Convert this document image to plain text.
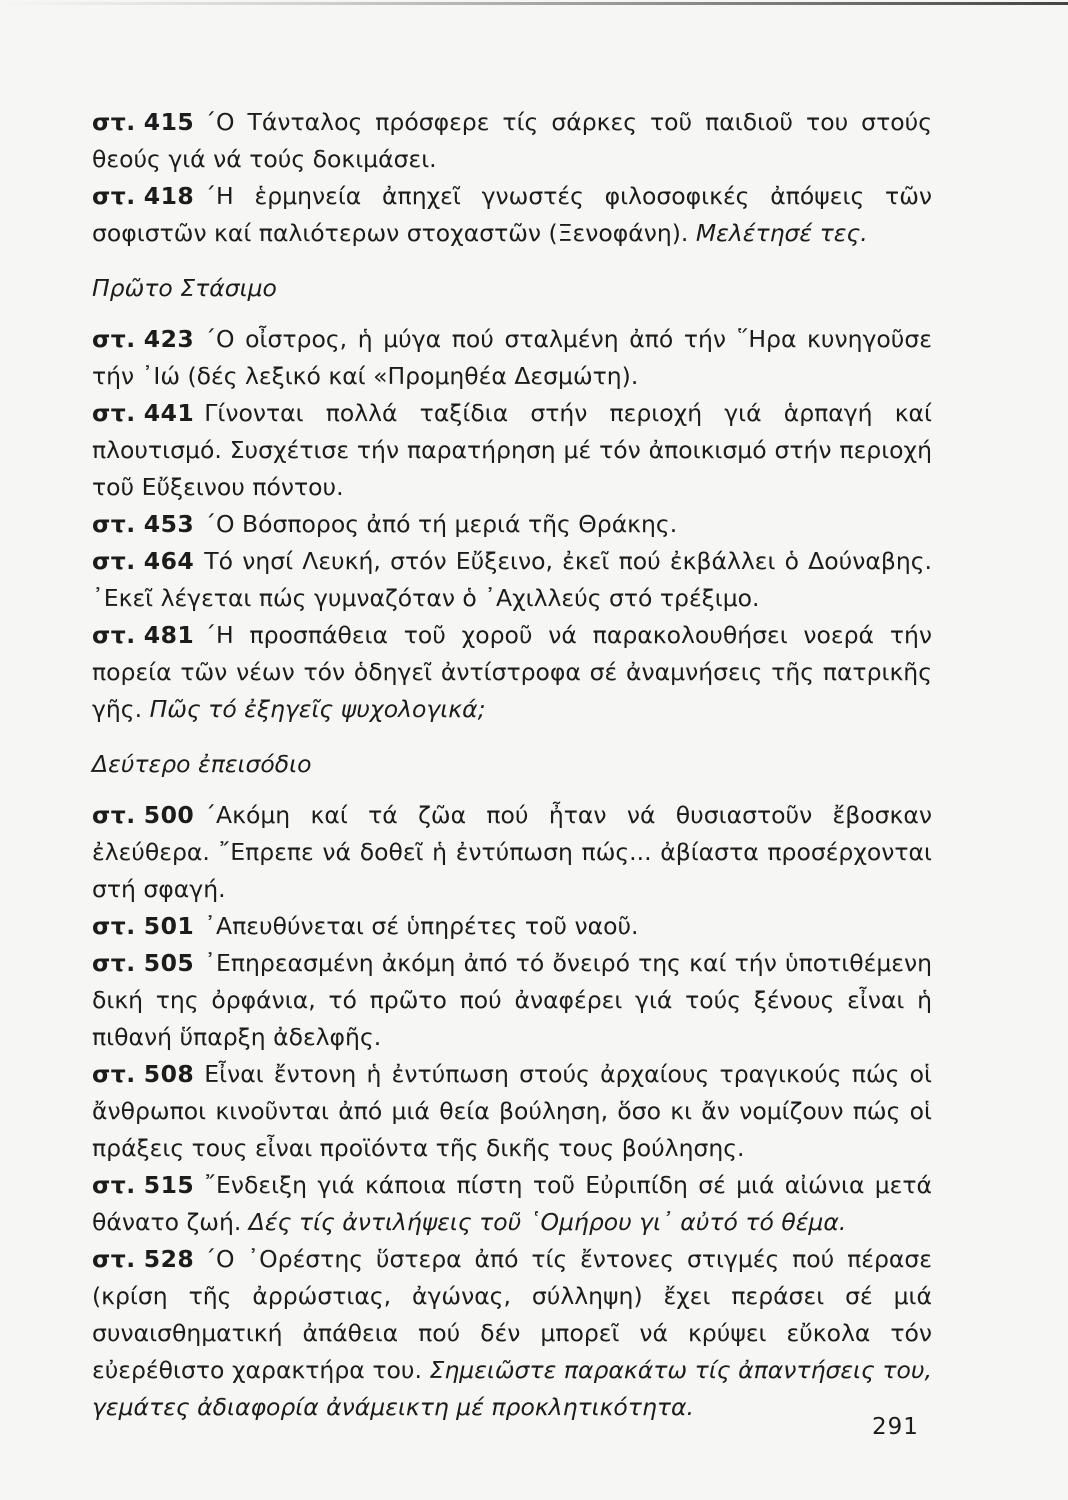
στ. 415 ΄Ο Τάνταλος πρόσφερε τίς σάρκες τοῦ παιδιοῦ του στούς θεούς γιά νά τούς δοκιμάσει.

στ. 418 ΄Η ἑρμηνεία ἀπηχεῖ γνωστές φιλοσοφικές ἀπόψεις τῶν σοφιστῶν καί παλιότερων στοχαστῶν (Ξενοφάνη). Μελέτησέ τες.

Πρῶτο Στάσιμο

στ. 423 ΄Ο οἶστρος, ἡ μύγα πού σταλμένη ἀπό τήν ῞Ηρα κυνηγοῦσε τήν ᾽Ιώ (δές λεξικό καί «Προμηθέα Δεσμώτη).

στ. 441 Γίνονται πολλά ταξίδια στήν περιοχή γιά ἁρπαγή καί πλουτισμό. Συσχέτισε τήν παρατήρηση μέ τόν ἀποικισμό στήν περιοχή τοῦ Εὔξεινου πόντου.

στ. 453 ΄Ο Βόσπορος ἀπό τή μεριά τῆς Θράκης.

στ. 464 Τό νησί Λευκή, στόν Εὔξεινο, ἐκεῖ πού ἐκβάλλει ὁ Δούναβης. ᾽Εκεῖ λέγεται πώς γυμναζόταν ὁ ᾽Αχιλλεύς στό τρέξιμο.

στ. 481 ΄Η προσπάθεια τοῦ χοροῦ νά παρακολουθήσει νοερά τήν πορεία τῶν νέων τόν ὁδηγεῖ ἀντίστροφα σέ ἀναμνήσεις τῆς πατρικῆς γῆς. Πῶς τό ἐξηγεῖς ψυχολογικά;

Δεύτερο ἐπεισόδιο

στ. 500 ΄Ακόμη καί τά ζῶα πού ἦταν νά θυσιαστοῦν ἔβοσκαν ἐλεύθερα. ῎Επρεπε νά δοθεῖ ἡ ἐντύπωση πώς... ἀβίαστα προσέρχονται στή σφαγή.

στ. 501 ᾽Απευθύνεται σέ ὑπηρέτες τοῦ ναοῦ.

στ. 505 ᾽Επηρεασμένη ἀκόμη ἀπό τό ὄνειρό της καί τήν ὑποτιθέμενη δική της ὀρφάνια, τό πρῶτο πού ἀναφέρει γιά τούς ξένους εἶναι ἡ πιθανή ὕπαρξη ἀδελφῆς.

στ. 508 Εἶναι ἔντονη ἡ ἐντύπωση στούς ἀρχαίους τραγικούς πώς οἱ ἄνθρωποι κινοῦνται ἀπό μιά θεία βούληση, ὅσο κι ἄν νομίζουν πώς οἱ πράξεις τους εἶναι προϊόντα τῆς δικῆς τους βούλησης.

στ. 515 ῎Ενδειξη γιά κάποια πίστη τοῦ Εὐριπίδη σέ μιά αἰώνια μετά θάνατο ζωή. Δές τίς ἀντιλήψεις τοῦ ῾Ομήρου γι᾽ αὐτό τό θέμα.

στ. 528 ΄Ο ᾽Ορέστης ὕστερα ἀπό τίς ἔντονες στιγμές πού πέρασε (κρίση τῆς ἀρρώστιας, ἀγώνας, σύλληψη) ἔχει περάσει σέ μιά συναισθηματική ἀπάθεια πού δέν μπορεῖ νά κρύψει εὔκολα τόν εὐερέθιστο χαρακτήρα του. Σημειῶστε παρακάτω τίς ἀπαντήσεις του, γεμάτες ἀδιαφορία ἀνάμεικτη μέ προκλητικότητα.

291
